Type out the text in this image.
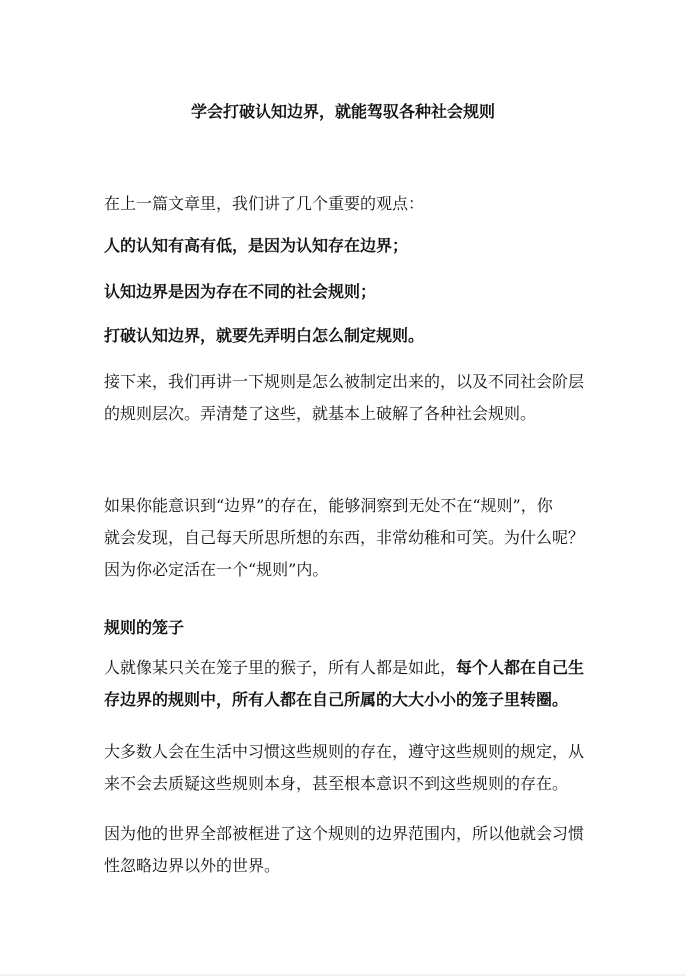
学会打破认知边界，就能驾驭各种社会规则
在上一篇文章里，我们讲了几个重要的观点：
人的认知有高有低，是因为认知存在边界；
认知边界是因为存在不同的社会规则；
打破认知边界，就要先弄明白怎么制定规则。
接下来，我们再讲一下规则是怎么被制定出来的，以及不同社会阶层
的规则层次。弄清楚了这些，就基本上破解了各种社会规则。
如果你能意识到“边界”的存在，能够洞察到无处不在“规则”，你
就会发现，自己每天所思所想的东西，非常幼稚和可笑。为什么呢？
因为你必定活在一个“规则”内。
规则的笼子
人就像某只关在笼子里的猴子，所有人都是如此，每个人都在自己生
存边界的规则中，所有人都在自己所属的大大小小的笼子里转圈。
大多数人会在生活中习惯这些规则的存在，遵守这些规则的规定，从
来不会去质疑这些规则本身，甚至根本意识不到这些规则的存在。
因为他的世界全部被框进了这个规则的边界范围内，所以他就会习惯
性忽略边界以外的世界。
